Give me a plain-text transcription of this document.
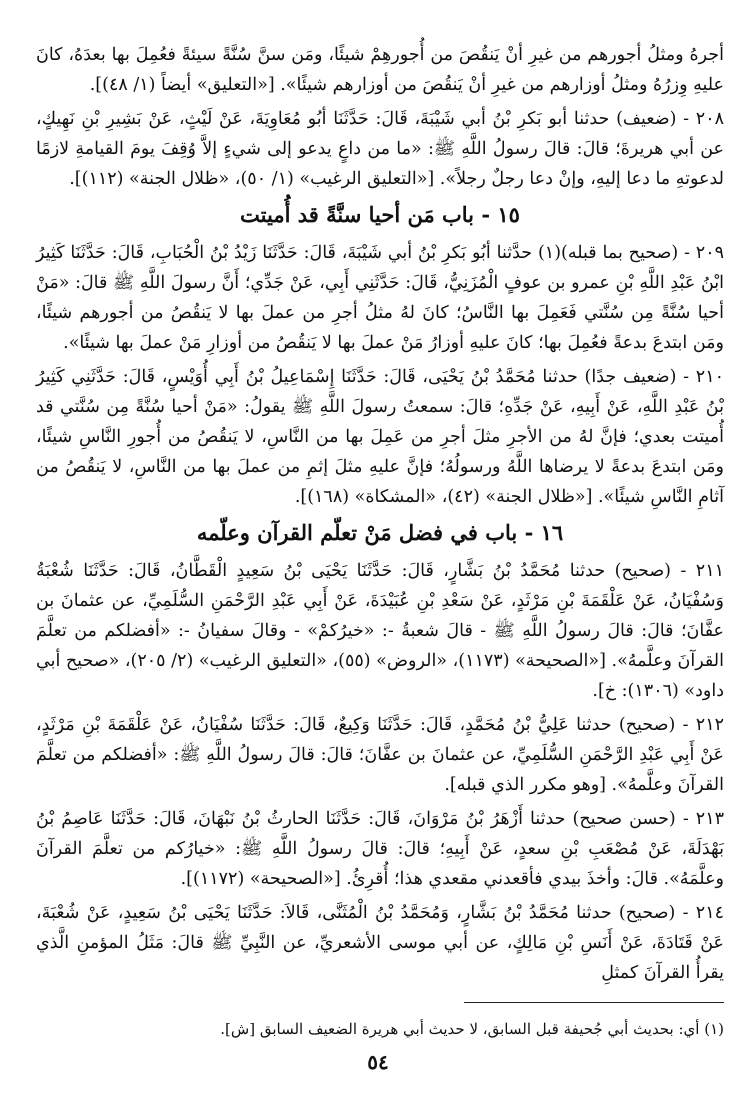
أجرهُ ومثلُ أجورهم من غيرِ أنْ يَنقُصَ من أُجورهِمْ شيئًا، ومَن سنَّ سُنَّةً سيئةً فعُمِلَ بها بعدَهُ، كانَ عليهِ وِزرُهُ ومثلُ أوزارهم من غيرِ أنْ يَنقُصَ من أوزارهم شيئًا». [«التعليق» أيضاً (١/ ٤٨)].

٢٠٨ - (ضعيف) حدثنا أبو بَكرِ بْنُ أبي شَيْبَةَ، قَالَ: حَدَّثَنَا أبُو مُعَاوِيَةَ، عَنْ لَيْثٍ، عَنْ بَشِيرِ بْنِ نَهِيكٍ، عن أبي هريرةَ؛ قالَ: قالَ رسولُ اللَّهِ ﷺ: «ما من داعٍ يدعو إلى شيءٍ إلاَّ وُقِفَ يومَ القيامةِ لازمًا لدعوتهِ ما دعا إليهِ، وإنْ دعا رجلٌ رجلاً». [«التعليق الرغيب» (١/ ٥٠)، «ظلال الجنة» (١١٢)].

١٥ - باب مَن أحيا سنَّةً قد أُميتت

٢٠٩ - (صحيح بما قبله)(١) حدَّثنا أبُو بَكرِ بْنُ أبي شَيْبَةَ، قَالَ: حَدَّثَنَا زَيْدُ بْنُ الْحُبَابِ، قَالَ: حَدَّثَنَا كَثِيرُ ابْنُ عَبْدِ اللَّهِ بْنِ عمرو بن عوفٍ الْمُزَنِيُّ، قَالَ: حَدَّثَنِي أَبِي، عَنْ جَدِّي؛ أَنَّ رسولَ اللَّهِ ﷺ قالَ: «مَنْ أحيا سُنَّةً مِن سُنَّتي فَعَمِلَ بها النَّاسُ؛ كانَ لهُ مثلُ أجرِ من عملَ بها لا يَنقُصُ من أجورهم شيئًا، ومَن ابتدعَ بدعةً فعُمِلَ بها؛ كانَ عليهِ أوزارُ مَنْ عملَ بها لا يَنقُصُ من أوزارِ مَنْ عملَ بها شيئًا».

٢١٠ - (ضعيف جدًا) حدثنا مُحَمَّدُ بْنُ يَحْيَى، قَالَ: حَدَّثَنَا إِسْمَاعِيلُ بْنُ أَبِي أُوَيْسٍ، قَالَ: حَدَّثَنِي كَثِيرُ بْنُ عَبْدِ اللَّهِ، عَنْ أَبِيهِ، عَنْ جَدِّهِ؛ قالَ: سمعتُ رسولَ اللَّهِ ﷺ يقولُ: «مَنْ أحيا سُنَّةً مِن سُنَّتي قد أُميتت بعدي؛ فإنَّ لهُ من الأجرِ مثلَ أجرِ من عَمِلَ بها من النَّاسِ، لا يَنقُصُ من أُجورِ النَّاسِ شيئًا، ومَن ابتدعَ بدعةً لا يرضاها اللَّهُ ورسولُهُ؛ فإنَّ عليهِ مثلَ إثمِ من عملَ بها من النَّاسِ، لا يَنقُصُ من آثامِ النَّاسِ شيئًا». [«ظلال الجنة» (٤٢)، «المشكاة» (١٦٨)].

١٦ - باب في فضل مَنْ تعلّم القرآن وعلّمه

٢١١ - (صحيح) حدثنا مُحَمَّدُ بْنُ بَشَّارٍ، قَالَ: حَدَّثَنَا يَحْيَى بْنُ سَعِيدٍ الْقَطَّانُ، قَالَ: حَدَّثَنَا شُعْبَةُ وَسُفْيَانُ، عَنْ عَلْقَمَةَ بْنِ مَرْثَدٍ، عَنْ سَعْدِ بْنِ عُبَيْدَةَ، عَنْ أَبِي عَبْدِ الرَّحْمَنِ السُّلَمِيِّ، عن عثمانَ بن عفَّانَ؛ قالَ: قالَ رسولُ اللَّهِ ﷺ - قالَ شعبةُ -: «خيرُكمْ» - وقالَ سفيانُ -: «أفضلكم من تعلَّمَ القرآنَ وعلَّمهُ». [«الصحيحة» (١١٧٣)، «الروض» (٥٥)، «التعليق الرغيب» (٢/ ٢٠٥)، «صحيح أبي داود» (١٣٠٦): خ].

٢١٢ - (صحيح) حدثنا عَلِيُّ بْنُ مُحَمَّدٍ، قَالَ: حَدَّثَنَا وَكِيعٌ، قَالَ: حَدَّثَنَا سُفْيَانُ، عَنْ عَلْقَمَةَ بْنِ مَرْثَدٍ، عَنْ أَبِي عَبْدِ الرَّحْمَنِ السُّلَمِيِّ، عن عثمانَ بن عفَّانَ؛ قالَ: قالَ رسولُ اللَّهِ ﷺ: «أفضلكم من تعلَّمَ القرآنَ وعلَّمهُ». [وهو مكرر الذي قبله].

٢١٣ - (حسن صحيح) حدثنا أَزْهَرُ بْنُ مَرْوَانَ، قَالَ: حَدَّثَنَا الحارثُ بْنُ نَبْهَانَ، قَالَ: حَدَّثَنَا عَاصِمُ بْنُ بَهْدَلَةَ، عَنْ مُصْعَبِ بْنِ سعدٍ، عَنْ أَبِيهِ؛ قالَ: قالَ رسولُ اللَّهِ ﷺ: «خيارُكم من تعلَّمَ القرآنَ وعلَّمَهُ». قالَ: وأخذَ بيدي فأقعدني مقعدي هذا؛ أُقرِئُ. [«الصحيحة» (١١٧٢)].

٢١٤ - (صحيح) حدثنا مُحَمَّدُ بْنُ بَشَّارٍ، وَمُحَمَّدُ بْنُ الْمُثَنَّى، قَالاَ: حَدَّثَنَا يَحْيَى بْنُ سَعِيدٍ، عَنْ شُعْبَةَ، عَنْ قَتَادَةَ، عَنْ أَنَسِ بْنِ مَالِكٍ، عن أبي موسى الأشعريِّ، عن النَّبِيِّ ﷺ قالَ: مَثَلُ المؤمنِ الَّذي يقرأُ القرآنَ كمثلِ

(١) أي: بحديث أبي جُحيفة قبل السابق، لا حديث أبي هريرة الضعيف السابق [ش].
٥٤
